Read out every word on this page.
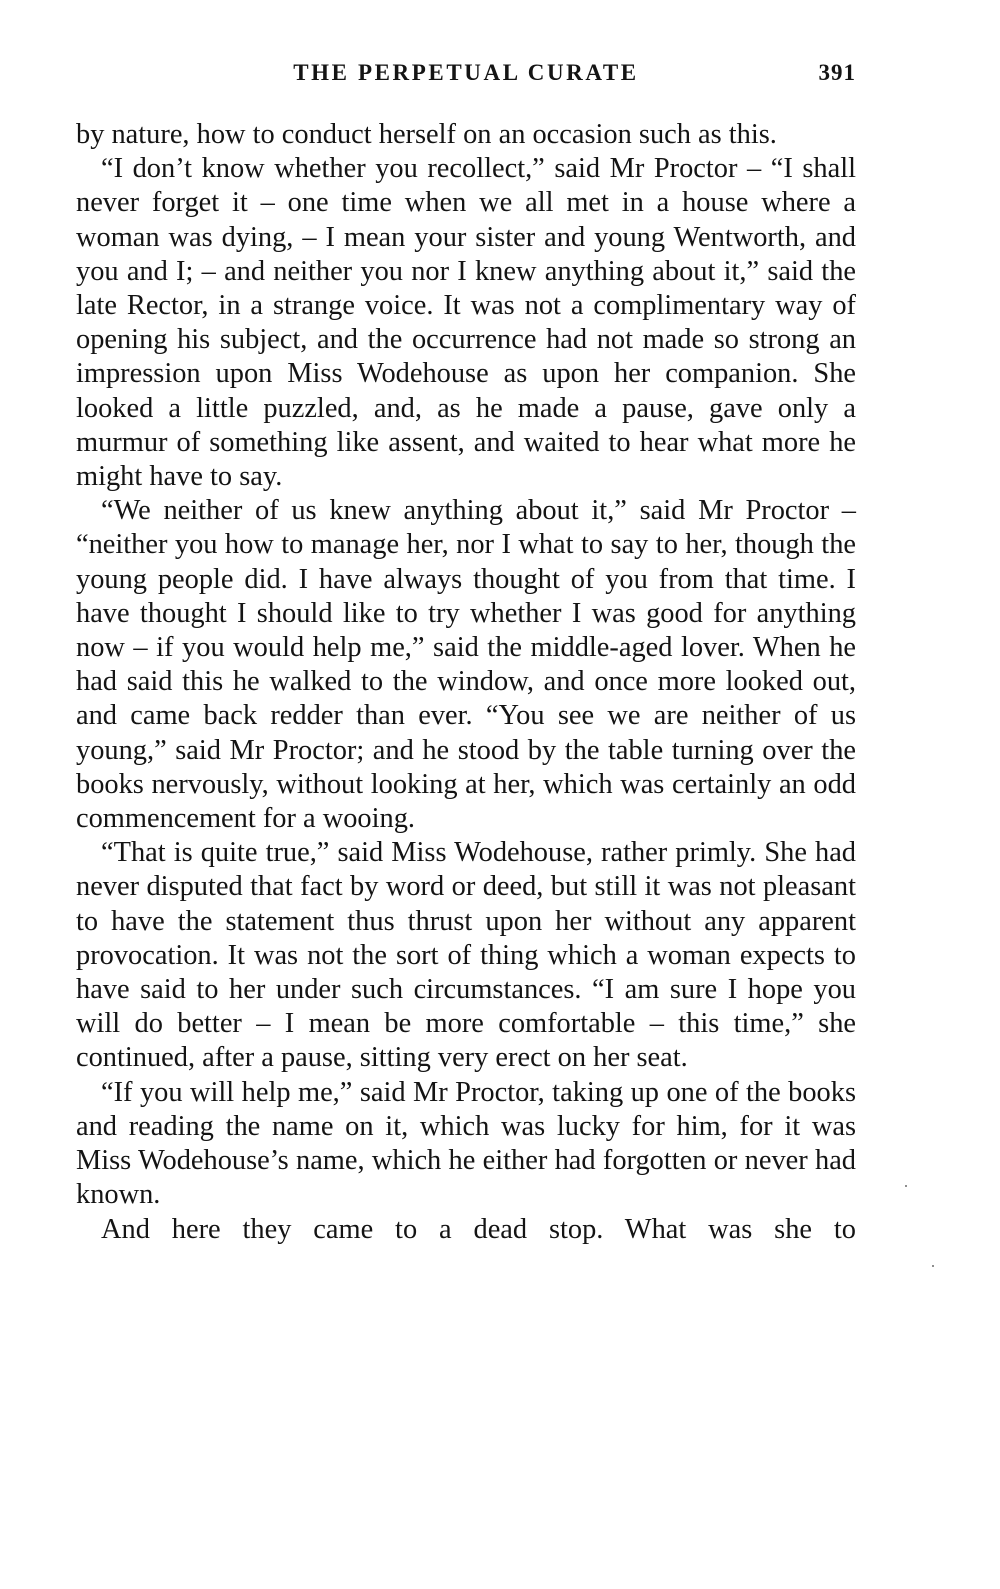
THE PERPETUAL CURATE	391

by nature, how to conduct herself on an occasion such as this.

“I don’t know whether you recollect,” said Mr Proctor – “I shall never forget it – one time when we all met in a house where a woman was dying, – I mean your sister and young Wentworth, and you and I; – and neither you nor I knew anything about it,” said the late Rector, in a strange voice. It was not a complimentary way of opening his subject, and the occurrence had not made so strong an impression upon Miss Wodehouse as upon her companion. She looked a little puzzled, and, as he made a pause, gave only a murmur of something like assent, and waited to hear what more he might have to say.

“We neither of us knew anything about it,” said Mr Proctor – “neither you how to manage her, nor I what to say to her, though the young people did. I have always thought of you from that time. I have thought I should like to try whether I was good for anything now – if you would help me,” said the middle-aged lover. When he had said this he walked to the window, and once more looked out, and came back redder than ever. “You see we are neither of us young,” said Mr Proctor; and he stood by the table turning over the books nervously, without looking at her, which was certainly an odd commencement for a wooing.

“That is quite true,” said Miss Wodehouse, rather primly. She had never disputed that fact by word or deed, but still it was not pleasant to have the statement thus thrust upon her without any apparent provocation. It was not the sort of thing which a woman expects to have said to her under such circumstances. “I am sure I hope you will do better – I mean be more comfortable – this time,” she continued, after a pause, sitting very erect on her seat.

“If you will help me,” said Mr Proctor, taking up one of the books and reading the name on it, which was lucky for him, for it was Miss Wodehouse’s name, which he either had forgotten or never had known.

And here they came to a dead stop. What was she to
